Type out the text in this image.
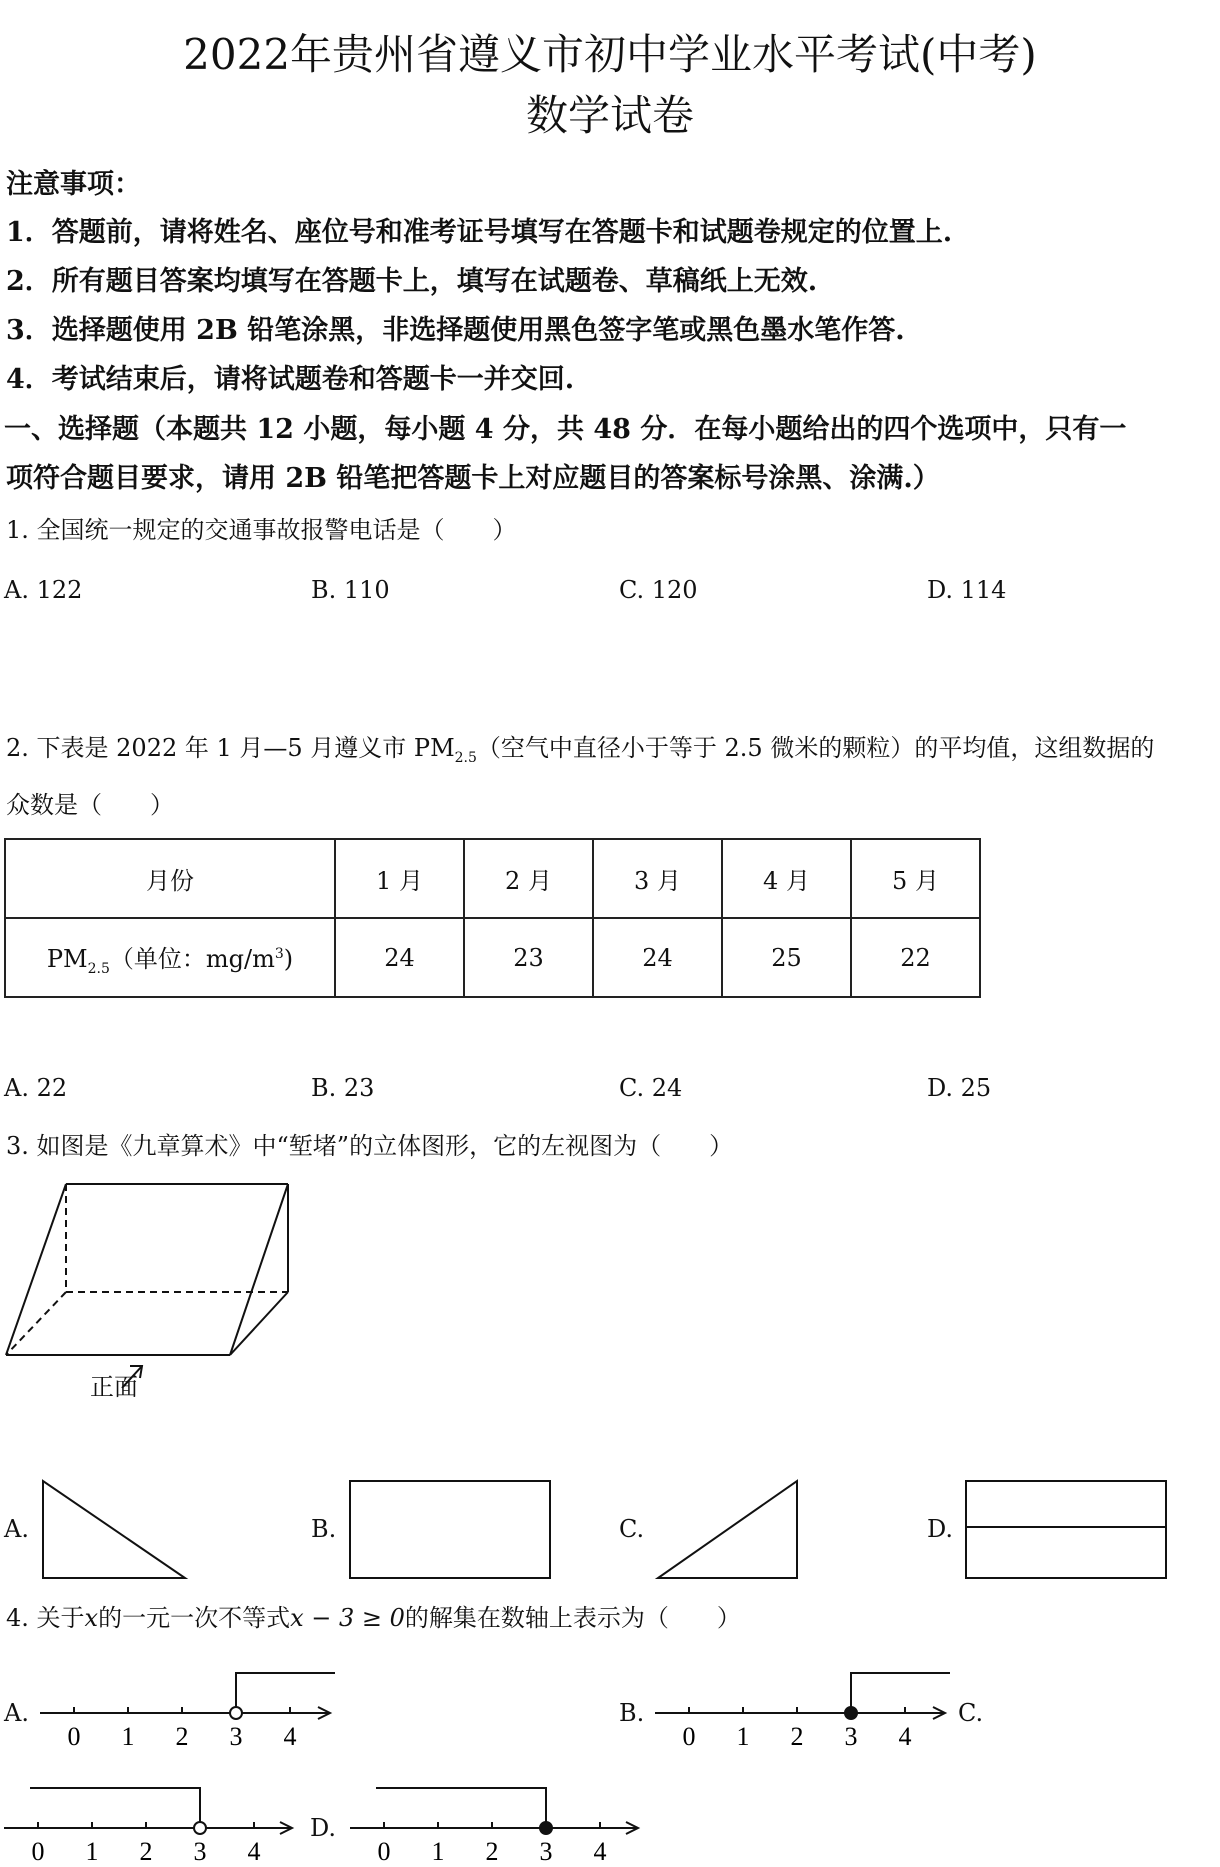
2022年贵州省遵义市初中学业水平考试(中考)
数学试卷
注意事项：
1．答题前，请将姓名、座位号和准考证号填写在答题卡和试题卷规定的位置上.
2．所有题目答案均填写在答题卡上，填写在试题卷、草稿纸上无效.
3．选择题使用 2B 铅笔涂黑，非选择题使用黑色签字笔或黑色墨水笔作答.
4．考试结束后，请将试题卷和答题卡一并交回.
一、选择题（本题共 12 小题，每小题 4 分，共 48 分．在每小题给出的四个选项中，只有一
项符合题目要求，请用 2B 铅笔把答题卡上对应题目的答案标号涂黑、涂满.）
1. 全国统一规定的交通事故报警电话是（　　）
A. 122	B. 110	C. 120	D. 114
2. 下表是 2022 年 1 月—5 月遵义市 $PM_{2.5}$（空气中直径小于等于 2.5 微米的颗粒）的平均值，这组数据的
众数是（　　）
月份	1 月	2 月	3 月	4 月	5 月
$PM_{2.5}$（单位：$mg/m^3$)	24	23	24	25	22
A. 22	B. 23	C. 24	D. 25
3. 如图是《九章算术》中“堑堵”的立体图形，它的左视图为（　　）
正面
A.	B.	C.	D.
4. 关于x的一元一次不等式x − 3 ≥ 0的解集在数轴上表示为（　　）
A.
0 1 2 3 4
B.
0 1 2 3 4
C.
0 1 2 3 4
D.
0 1 2 3 4
